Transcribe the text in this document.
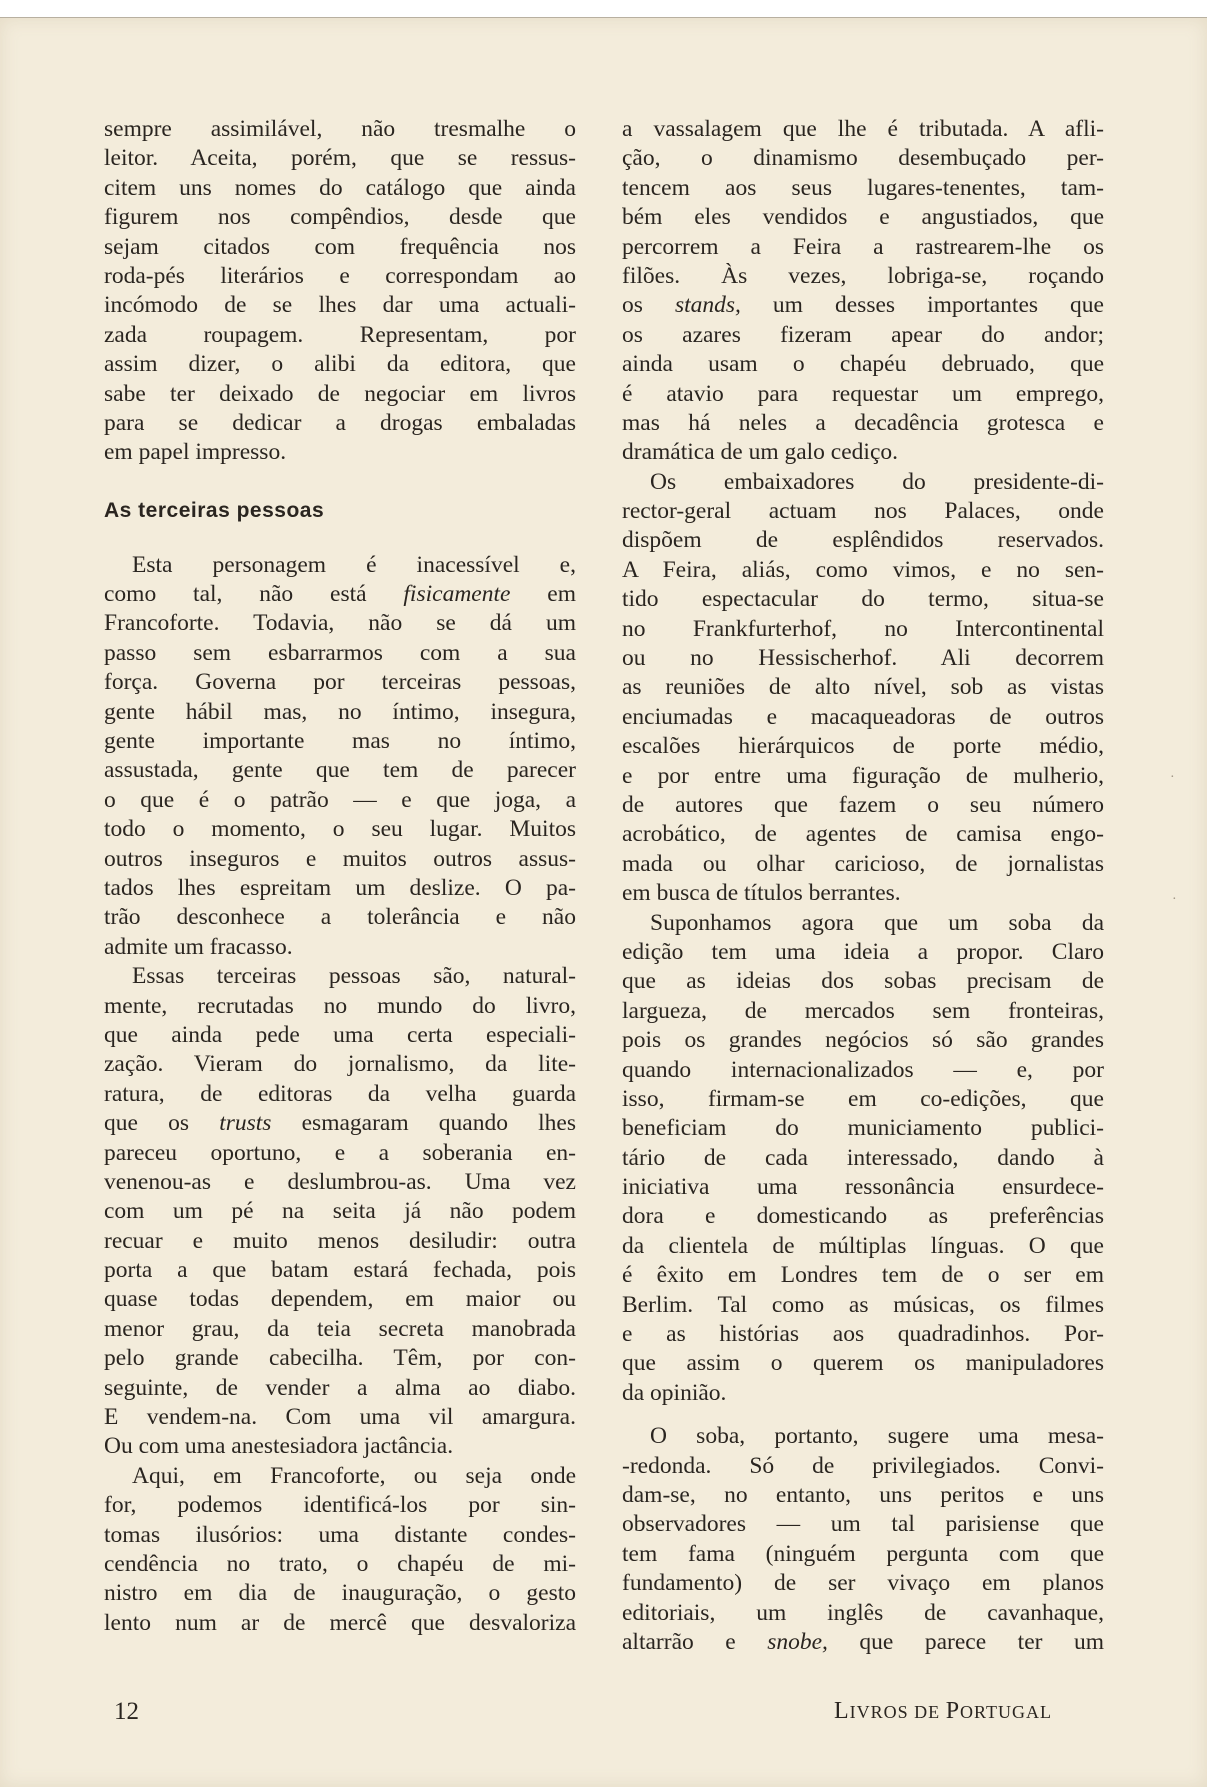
sempre assimilável, não tresmalhe o
leitor. Aceita, porém, que se ressus-
citem uns nomes do catálogo que ainda
figurem nos compêndios, desde que
sejam citados com frequência nos
roda-pés literários e correspondam ao
incómodo de se lhes dar uma actuali-
zada roupagem. Representam, por
assim dizer, o alibi da editora, que
sabe ter deixado de negociar em livros
para se dedicar a drogas embaladas
em papel impresso.
As terceiras pessoas
Esta personagem é inacessível e,
como tal, não está fisicamente em
Francoforte. Todavia, não se dá um
passo sem esbarrarmos com a sua
força. Governa por terceiras pessoas,
gente hábil mas, no íntimo, insegura,
gente importante mas no íntimo,
assustada, gente que tem de parecer
o que é o patrão — e que joga, a
todo o momento, o seu lugar. Muitos
outros inseguros e muitos outros assus-
tados lhes espreitam um deslize. O pa-
trão desconhece a tolerância e não
admite um fracasso.
Essas terceiras pessoas são, natural-
mente, recrutadas no mundo do livro,
que ainda pede uma certa especiali-
zação. Vieram do jornalismo, da lite-
ratura, de editoras da velha guarda
que os trusts esmagaram quando lhes
pareceu oportuno, e a soberania en-
venenou-as e deslumbrou-as. Uma vez
com um pé na seita já não podem
recuar e muito menos desiludir: outra
porta a que batam estará fechada, pois
quase todas dependem, em maior ou
menor grau, da teia secreta manobrada
pelo grande cabecilha. Têm, por con-
seguinte, de vender a alma ao diabo.
E vendem-na. Com uma vil amargura.
Ou com uma anestesiadora jactância.
Aqui, em Francoforte, ou seja onde
for, podemos identificá-los por sin-
tomas ilusórios: uma distante condes-
cendência no trato, o chapéu de mi-
nistro em dia de inauguração, o gesto
lento num ar de mercê que desvaloriza
a vassalagem que lhe é tributada. A afli-
ção, o dinamismo desembuçado per-
tencem aos seus lugares-tenentes, tam-
bém eles vendidos e angustiados, que
percorrem a Feira a rastrearem-lhe os
filões. Às vezes, lobriga-se, roçando
os stands, um desses importantes que
os azares fizeram apear do andor;
ainda usam o chapéu debruado, que
é atavio para requestar um emprego,
mas há neles a decadência grotesca e
dramática de um galo cediço.
Os embaixadores do presidente-di-
rector-geral actuam nos Palaces, onde
dispõem de esplêndidos reservados.
A Feira, aliás, como vimos, e no sen-
tido espectacular do termo, situa-se
no Frankfurterhof, no Intercontinental
ou no Hessischerhof. Ali decorrem
as reuniões de alto nível, sob as vistas
enciumadas e macaqueadoras de outros
escalões hierárquicos de porte médio,
e por entre uma figuração de mulherio,
de autores que fazem o seu número
acrobático, de agentes de camisa engo-
mada ou olhar caricioso, de jornalistas
em busca de títulos berrantes.
Suponhamos agora que um soba da
edição tem uma ideia a propor. Claro
que as ideias dos sobas precisam de
largueza, de mercados sem fronteiras,
pois os grandes negócios só são grandes
quando internacionalizados — e, por
isso, firmam-se em co-edições, que
beneficiam do municiamento publici-
tário de cada interessado, dando à
iniciativa uma ressonância ensurdece-
dora e domesticando as preferências
da clientela de múltiplas línguas. O que
é êxito em Londres tem de o ser em
Berlim. Tal como as músicas, os filmes
e as histórias aos quadradinhos. Por-
que assim o querem os manipuladores
da opinião.
O soba, portanto, sugere uma mesa-
-redonda. Só de privilegiados. Convi-
dam-se, no entanto, uns peritos e uns
observadores — um tal parisiense que
tem fama (ninguém pergunta com que
fundamento) de ser vivaço em planos
editoriais, um inglês de cavanhaque,
altarrão e snobe, que parece ter um
12	LIVROS DE PORTUGAL
·
·
